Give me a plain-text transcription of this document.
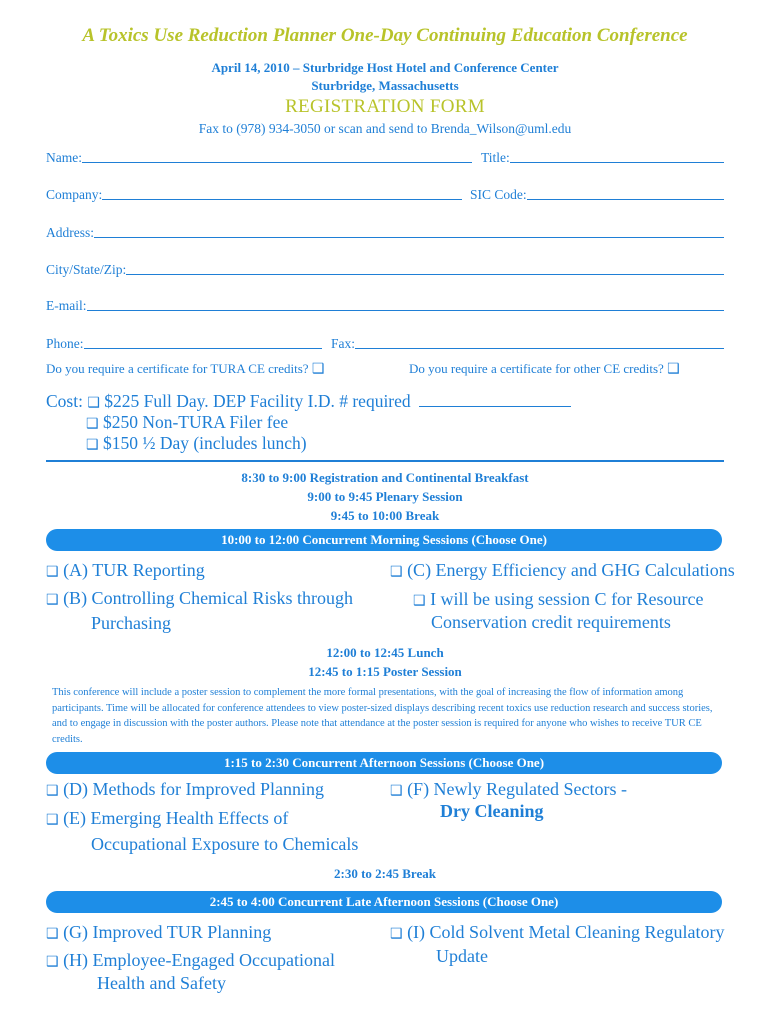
A Toxics Use Reduction Planner One-Day Continuing Education Conference
April 14, 2010 – Sturbridge Host Hotel and Conference Center
Sturbridge, Massachusetts
REGISTRATION FORM
Fax to (978) 934-3050 or scan and send to Brenda_Wilson@uml.edu
Name:	Title:
Company:	SIC Code:
Address:
City/State/Zip:
E-mail:
Phone:	Fax:
Do you require a certificate for TURA CE credits? ❑	Do you require a certificate for other CE credits? ❑
Cost: ❑ $225 Full Day. DEP Facility I.D. # required
❑ $250 Non-TURA Filer fee
❑ $150 ½ Day (includes lunch)
8:30 to 9:00 Registration and Continental Breakfast
9:00 to 9:45 Plenary Session
9:45 to 10:00 Break
10:00 to 12:00 Concurrent Morning Sessions (Choose One)
❑ (A) TUR Reporting
❑ (B) Controlling Chemical Risks through
Purchasing
❑ (C) Energy Efficiency and GHG Calculations
❑ I will be using session C for Resource
Conservation credit requirements
12:00 to 12:45 Lunch
12:45 to 1:15 Poster Session
This conference will include a poster session to complement the more formal presentations, with the goal of increasing the flow of information among participants. Time will be allocated for conference attendees to view poster-sized displays describing recent toxics use reduction research and success stories, and to engage in discussion with the poster authors. Please note that attendance at the poster session is required for anyone who wishes to receive TUR CE credits.
1:15 to 2:30 Concurrent Afternoon Sessions (Choose One)
❑ (D) Methods for Improved Planning
❑ (E) Emerging Health Effects of
Occupational Exposure to Chemicals
❑ (F) Newly Regulated Sectors -
Dry Cleaning
2:30 to 2:45 Break
2:45 to 4:00 Concurrent Late Afternoon Sessions (Choose One)
❑ (G) Improved TUR Planning
❑ (H) Employee-Engaged Occupational
Health and Safety
❑ (I) Cold Solvent Metal Cleaning Regulatory
Update
